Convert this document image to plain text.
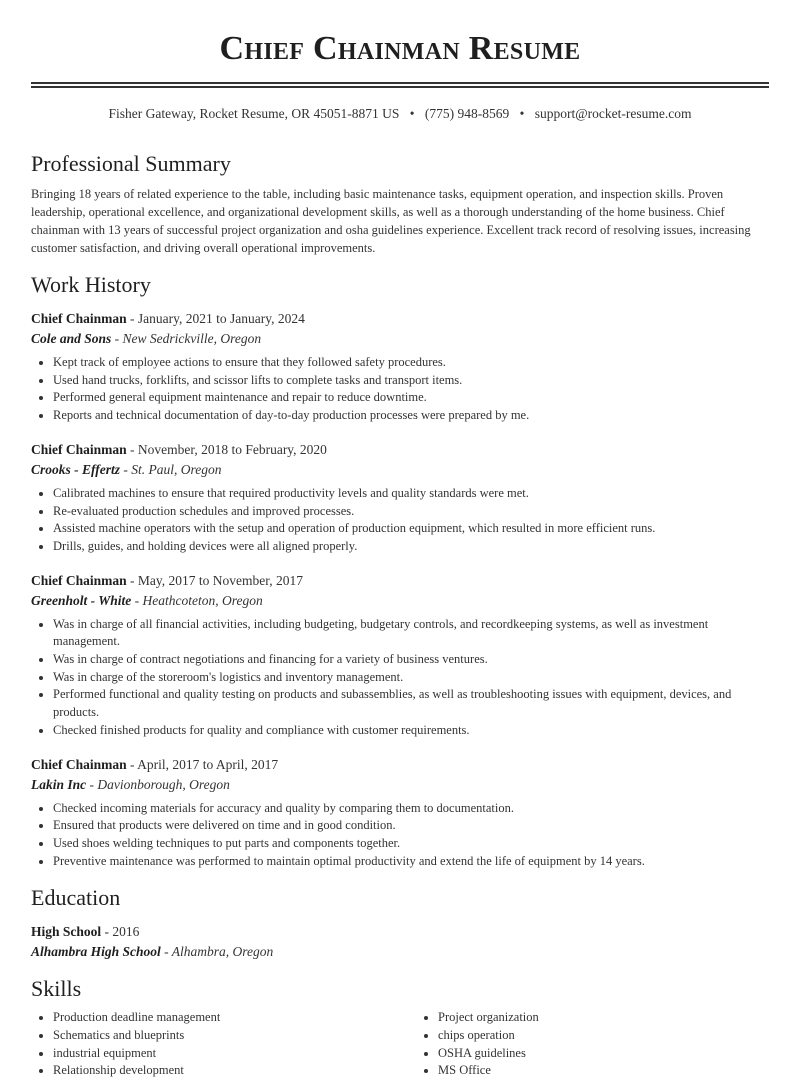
Chief Chainman Resume
Fisher Gateway, Rocket Resume, OR 45051-8871 US • (775) 948-8569 • support@rocket-resume.com
Professional Summary

Bringing 18 years of related experience to the table, including basic maintenance tasks, equipment operation, and inspection skills. Proven leadership, operational excellence, and organizational development skills, as well as a thorough understanding of the home business. Chief chainman with 13 years of successful project organization and osha guidelines experience. Excellent track record of resolving issues, increasing customer satisfaction, and driving overall operational improvements.

Work History
Chief Chainman - January, 2021 to January, 2024
Cole and Sons - New Sedrickville, Oregon
• Kept track of employee actions to ensure that they followed safety procedures.
• Used hand trucks, forklifts, and scissor lifts to complete tasks and transport items.
• Performed general equipment maintenance and repair to reduce downtime.
• Reports and technical documentation of day-to-day production processes were prepared by me.
Chief Chainman - November, 2018 to February, 2020
Crooks - Effertz - St. Paul, Oregon
• Calibrated machines to ensure that required productivity levels and quality standards were met.
• Re-evaluated production schedules and improved processes.
• Assisted machine operators with the setup and operation of production equipment, which resulted in more efficient runs.
• Drills, guides, and holding devices were all aligned properly.
Chief Chainman - May, 2017 to November, 2017
Greenholt - White - Heathcoteton, Oregon
• Was in charge of all financial activities, including budgeting, budgetary controls, and recordkeeping systems, as well as investment management.
• Was in charge of contract negotiations and financing for a variety of business ventures.
• Was in charge of the storeroom's logistics and inventory management.
• Performed functional and quality testing on products and subassemblies, as well as troubleshooting issues with equipment, devices, and products.
• Checked finished products for quality and compliance with customer requirements.
Chief Chainman - April, 2017 to April, 2017
Lakin Inc - Davionborough, Oregon
• Checked incoming materials for accuracy and quality by comparing them to documentation.
• Ensured that products were delivered on time and in good condition.
• Used shoes welding techniques to put parts and components together.
• Preventive maintenance was performed to maintain optimal productivity and extend the life of equipment by 14 years.
Education
High School - 2016
Alhambra High School - Alhambra, Oregon
Skills
• Production deadline management
• Schematics and blueprints
• industrial equipment
• Relationship development
• Project organization
• chips operation
• OSHA guidelines
• MS Office
